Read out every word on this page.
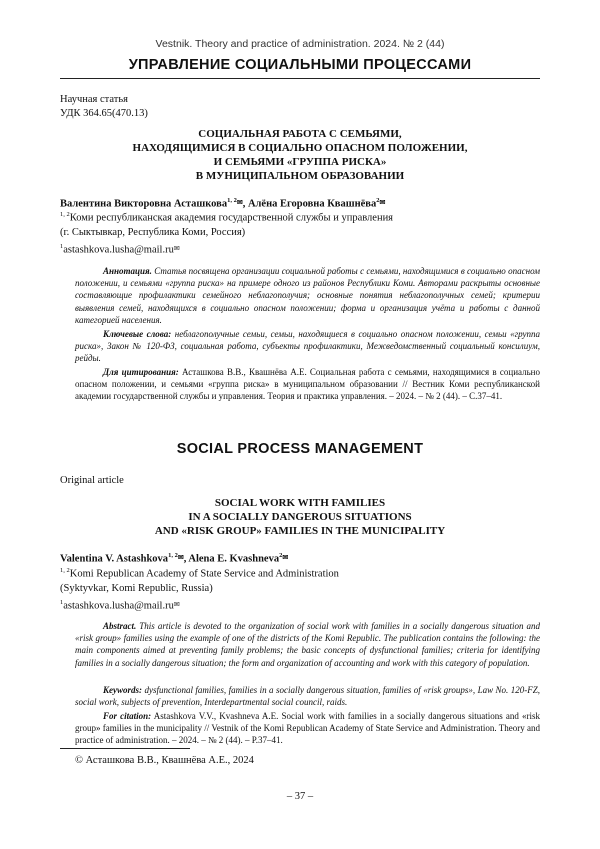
Vestnik. Theory and practice of administration. 2024. № 2 (44)
УПРАВЛЕНИЕ СОЦИАЛЬНЫМИ ПРОЦЕССАМИ
Научная статья
УДК 364.65(470.13)
СОЦИАЛЬНАЯ РАБОТА С СЕМЬЯМИ,
НАХОДЯЩИМИСЯ В СОЦИАЛЬНО ОПАСНОМ ПОЛОЖЕНИИ,
И СЕМЬЯМИ «ГРУППА РИСКА»
В МУНИЦИПАЛЬНОМ ОБРАЗОВАНИИ
Валентина Викторовна Асташкова1, 2✉, Алёна Егоровна Квашнёва2✉
1, 2Коми республиканская академия государственной службы и управления
(г. Сыктывкар, Республика Коми, Россия)
1astashkova.lusha@mail.ru✉
Аннотация. Статья посвящена организации социальной работы с семьями, находящимися в социально опасном положении, и семьями «группа риска» на примере одного из районов Республики Коми. Авторами раскрыты основные составляющие профилактики семейного неблагополучия; основные понятия неблагополучных семей; критерии выявления семей, находящихся в социально опасном положении; форма и организация учёта и работы с данной категорией населения.
Ключевые слова: неблагополучные семьи, семьи, находящиеся в социально опасном положении, семьи «группа риска», Закон № 120-ФЗ, социальная работа, субъекты профилактики, Межведомственный социальный консилиум, рейды.
Для цитирования: Асташкова В.В., Квашнёва А.Е. Социальная работа с семьями, находящимися в социально опасном положении, и семьями «группа риска» в муниципальном образовании // Вестник Коми республиканской академии государственной службы и управления. Теория и практика управления. – 2024. – № 2 (44). – С.37–41.
SOCIAL PROCESS MANAGEMENT
Original article
SOCIAL WORK WITH FAMILIES
IN A SOCIALLY DANGEROUS SITUATIONS
AND «RISK GROUP» FAMILIES IN THE MUNICIPALITY
Valentina V. Astashkova1, 2✉, Alena E. Kvashneva2✉
1, 2Komi Republican Academy of State Service and Administration
(Syktyvkar, Komi Republic, Russia)
1astashkova.lusha@mail.ru✉
Abstract. This article is devoted to the organization of social work with families in a socially dangerous situation and «risk group» families using the example of one of the districts of the Komi Republic. The publication contains the following: the main components aimed at preventing family problems; the basic concepts of dysfunctional families; criteria for identifying families in a socially dangerous situation; the form and organization of accounting and work with this category of population.
Keywords: dysfunctional families, families in a socially dangerous situation, families of «risk groups», Law No. 120-FZ, social work, subjects of prevention, Interdepartmental social council, raids.
For citation: Astashkova V.V., Kvashneva A.E. Social work with families in a socially dangerous situations and «risk group» families in the municipality // Vestnik of the Komi Republican Academy of State Service and Administration. Theory and practice of administration. – 2024. – № 2 (44). – P.37–41.
© Асташкова В.В., Квашнёва А.Е., 2024
– 37 –
